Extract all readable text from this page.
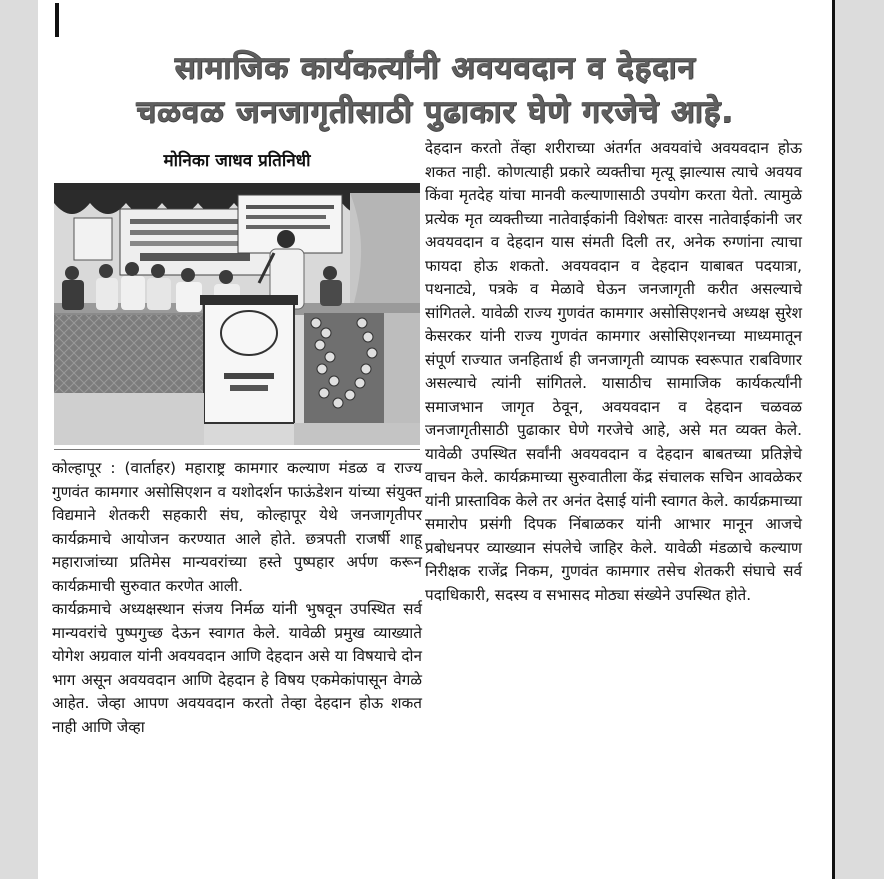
सामाजिक कार्यकर्त्यांनी अवयवदान व देहदान
चळवळ जनजागृतीसाठी पुढाकार घेणे गरजेचे आहे.

मोनिका जाधव प्रतिनिधी

कोल्हापूर : (वार्ताहर) महाराष्ट्र कामगार कल्याण मंडळ व राज्य गुणवंत कामगार असोसिएशन व यशोदर्शन फाऊंडेशन यांच्या संयुक्त विद्यमाने शेतकरी सहकारी संघ, कोल्हापूर येथे जनजागृतीपर कार्यक्रमाचे आयोजन करण्यात आले होते. छत्रपती राजर्षी शाहू महाराजांच्या प्रतिमेस मान्यवरांच्या हस्ते पुष्पहार अर्पण करून कार्यक्रमाची सुरुवात करणेत आली.

कार्यक्रमाचे अध्यक्षस्थान संजय निर्मळ यांनी भुषवून उपस्थित सर्व मान्यवरांचे पुष्पगुच्छ देऊन स्वागत केले. यावेळी प्रमुख व्याख्याते योगेश अग्रवाल यांनी अवयवदान आणि देहदान असे या विषयाचे दोन भाग असून अवयवदान आणि देहदान हे विषय एकमेकांपासून वेगळे आहेत. जेव्हा आपण अवयवदान करतो तेव्हा देहदान होऊ शकत नाही आणि जेव्हा

देहदान करतो तेंव्हा शरीराच्या अंतर्गत अवयवांचे अवयवदान होऊ शकत नाही. कोणत्याही प्रकारे व्यक्तीचा मृत्यू झाल्यास त्याचे अवयव किंवा मृतदेह यांचा मानवी कल्याणासाठी उपयोग करता येतो. त्यामुळे प्रत्येक मृत व्यक्तीच्या नातेवाईकांनी विशेषतः वारस नातेवाईकांनी जर अवयवदान व देहदान यास संमती दिली तर, अनेक रुग्णांना त्याचा फायदा होऊ शकतो. अवयवदान व देहदान याबाबत पदयात्रा, पथनाट्ये, पत्रके व मेळावे घेऊन जनजागृती करीत असल्याचे सांगितले. यावेळी राज्य गुणवंत कामगार असोसिएशनचे अध्यक्ष सुरेश केसरकर यांनी राज्य गुणवंत कामगार असोसिएशनच्या माध्यमातून संपूर्ण राज्यात जनहितार्थ ही जनजागृती व्यापक स्वरूपात राबविणार असल्याचे त्यांनी सांगितले. यासाठीच सामाजिक कार्यकर्त्यांनी समाजभान जागृत ठेवून, अवयवदान व देहदान चळवळ जनजागृतीसाठी पुढाकार घेणे गरजेचे आहे, असे मत व्यक्त केले. यावेळी उपस्थित सर्वांनी अवयवदान व देहदान बाबतच्या प्रतिज्ञेचे वाचन केले. कार्यक्रमाच्या सुरुवातीला केंद्र संचालक सचिन आवळेकर यांनी प्रास्ताविक केले तर अनंत देसाई यांनी स्वागत केले. कार्यक्रमाच्या समारोप प्रसंगी दिपक निंबाळकर यांनी आभार मानून आजचे प्रबोधनपर व्याख्यान संपलेचे जाहिर केले. यावेळी मंडळाचे कल्याण निरीक्षक राजेंद्र निकम, गुणवंत कामगार तसेच शेतकरी संघाचे सर्व पदाधिकारी, सदस्य व सभासद मोठ्या संख्येने उपस्थित होते.
